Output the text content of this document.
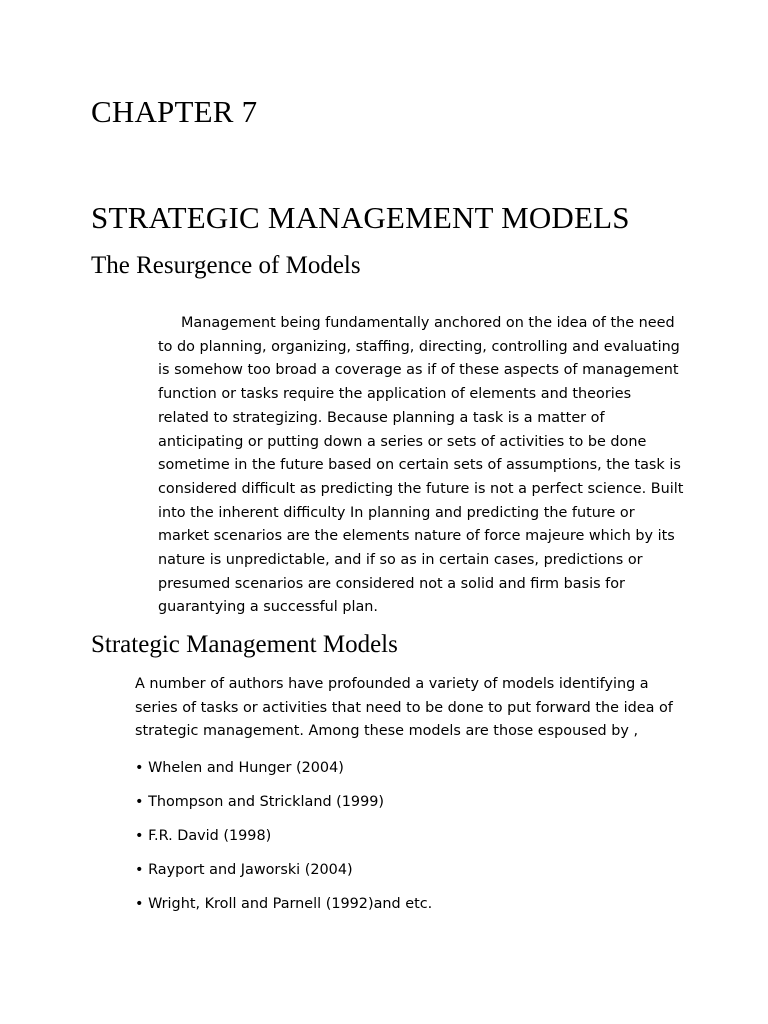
CHAPTER 7
STRATEGIC MANAGEMENT MODELS
The Resurgence of Models

Management being fundamentally anchored on the idea of the need
to do planning, organizing, staffing, directing, controlling and evaluating
is somehow too broad a coverage as if of these aspects of management
function or tasks require the application of elements and theories
related to strategizing. Because planning a task is a matter of
anticipating or putting down a series or sets of activities to be done
sometime in the future based on certain sets of assumptions, the task is
considered difficult as predicting the future is not a perfect science. Built
into the inherent difficulty In planning and predicting the future or
market scenarios are the elements nature of force majeure which by its
nature is unpredictable, and if so as in certain cases, predictions or
presumed scenarios are considered not a solid and firm basis for
guarantying a successful plan.

Strategic Management Models

A number of authors have profounded a variety of models identifying a
series of tasks or activities that need to be done to put forward the idea of
strategic management. Among these models are those espoused by ,

• Whelen and Hunger (2004)
• Thompson and Strickland (1999)
• F.R. David (1998)
• Rayport and Jaworski (2004)
• Wright, Kroll and Parnell (1992)and etc.
